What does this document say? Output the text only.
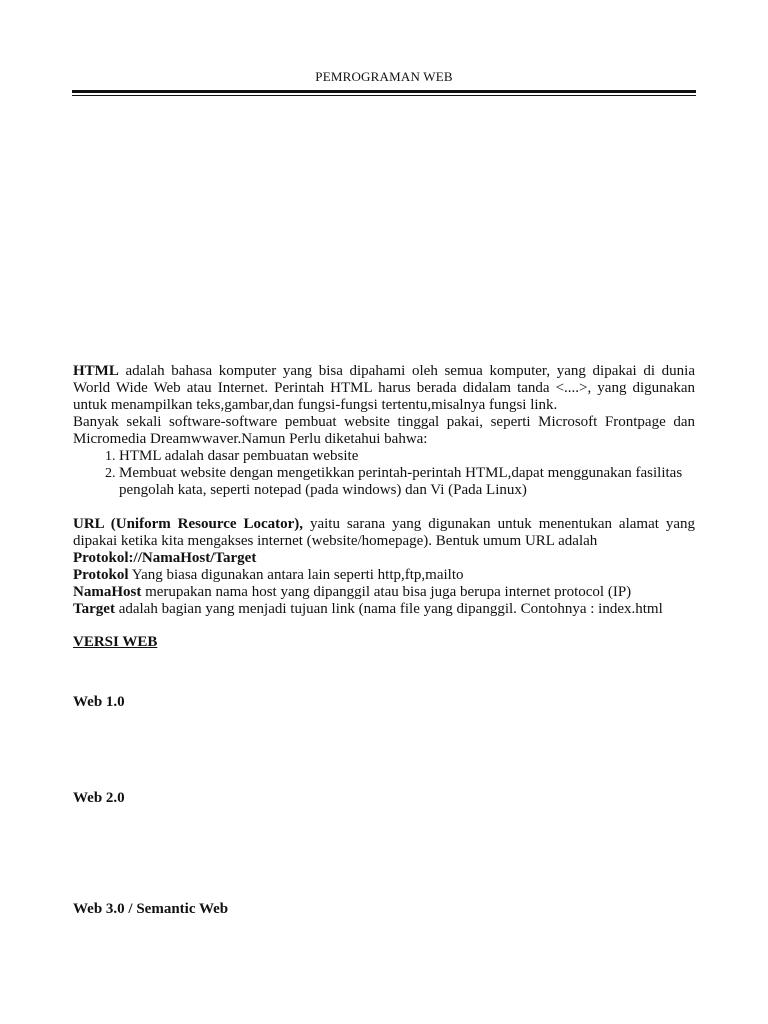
PEMROGRAMAN WEB

HTML adalah bahasa komputer yang bisa dipahami oleh semua komputer, yang dipakai di dunia World Wide Web atau Internet. Perintah HTML harus berada didalam tanda <....>, yang digunakan untuk menampilkan teks,gambar,dan fungsi-fungsi tertentu,misalnya fungsi link.

Banyak sekali software-software pembuat website tinggal pakai, seperti Microsoft Frontpage dan Micromedia Dreamwwaver.Namun Perlu diketahui bahwa:

1. HTML adalah dasar pembuatan website
2. Membuat website dengan mengetikkan perintah-perintah HTML,dapat menggunakan fasilitas pengolah kata, seperti notepad (pada windows) dan Vi (Pada Linux)

URL (Uniform Resource Locator), yaitu sarana yang digunakan untuk menentukan alamat yang dipakai ketika kita mengakses internet (website/homepage). Bentuk umum URL adalah

Protokol://NamaHost/Target

Protokol Yang biasa digunakan antara lain seperti http,ftp,mailto

NamaHost merupakan nama host yang dipanggil atau bisa juga berupa internet protocol (IP)

Target adalah bagian yang menjadi tujuan link (nama file yang dipanggil. Contohnya : index.html

VERSI WEB
Web 1.0
Web 2.0
Web 3.0 / Semantic Web
